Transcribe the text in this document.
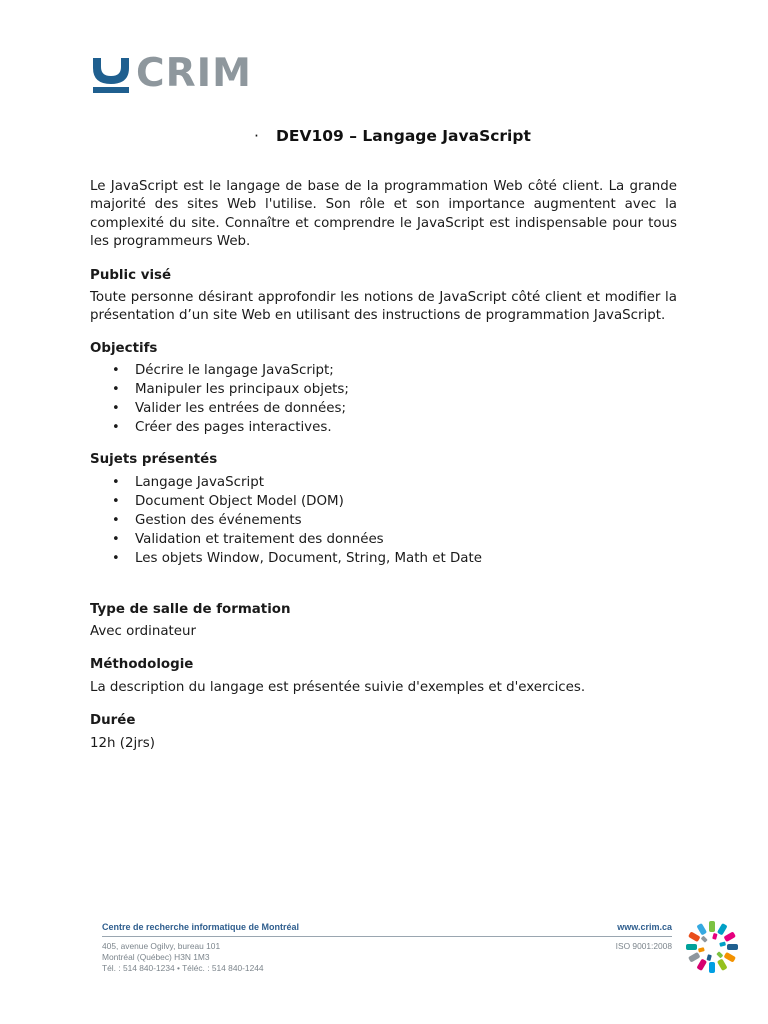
CRIM
· DEV109 – Langage JavaScript

Le JavaScript est le langage de base de la programmation Web côté client. La grande majorité des sites Web l'utilise. Son rôle et son importance augmentent avec la complexité du site. Connaître et comprendre le JavaScript est indispensable pour tous les programmeurs Web.

Public visé

Toute personne désirant approfondir les notions de JavaScript côté client et modifier la présentation d’un site Web en utilisant des instructions de programmation JavaScript.

Objectifs
• Décrire le langage JavaScript;
• Manipuler les principaux objets;
• Valider les entrées de données;
• Créer des pages interactives.
Sujets présentés
• Langage JavaScript
• Document Object Model (DOM)
• Gestion des événements
• Validation et traitement des données
• Les objets Window, Document, String, Math et Date
Type de salle de formation

Avec ordinateur

Méthodologie

La description du langage est présentée suivie d'exemples et d'exercices.

Durée

12h (2jrs)

Centre de recherche informatique de Montréal	www.crim.ca
405, avenue Ogilvy, bureau 101
Montréal (Québec) H3N 1M3
Tél. : 514 840-1234 • Téléc. : 514 840-1244
ISO 9001:2008
